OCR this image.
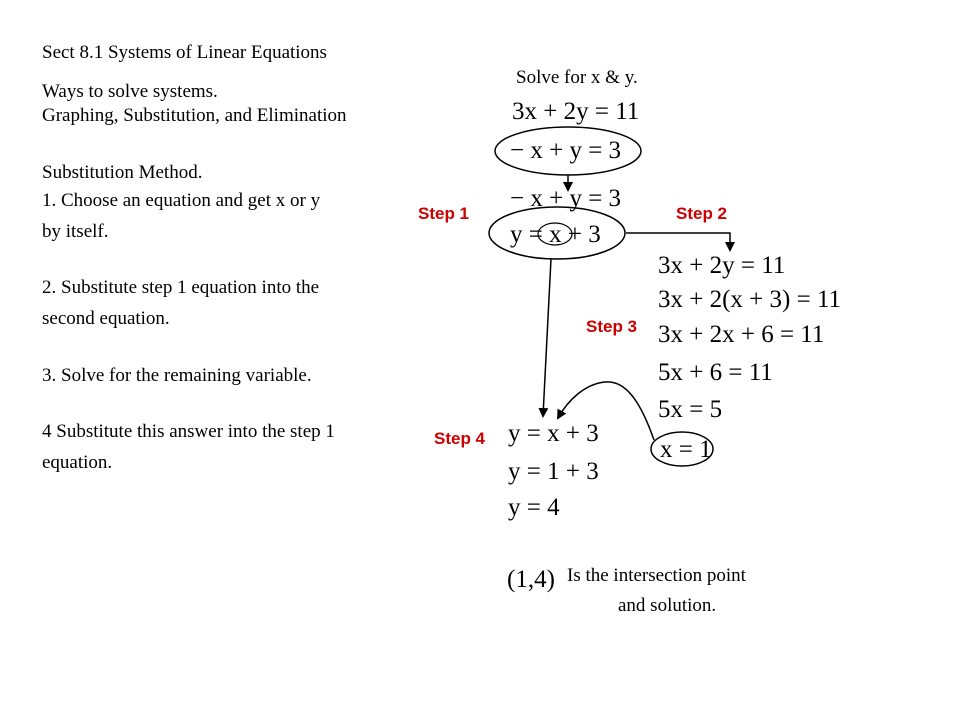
Sect 8.1 Systems of Linear Equations
Ways to solve systems.
Graphing, Substitution, and Elimination
Substitution Method.
1. Choose an equation and get x or y
by itself.
2. Substitute step 1 equation into the
second equation.
3. Solve for the remaining variable.
4 Substitute this answer into the step 1
equation.
Solve for x & y.
Step 1	Step 2
Step 3
Step 4
3x + 2y = 11
− x + y = 3
− x + y = 3
y = x + 3
3x + 2y = 11
3x + 2(x + 3) = 11
3x + 2x + 6 = 11
5x + 6 = 11
5x = 5
x = 1
y = x + 3
y = 1 + 3
y = 4
(1,4) Is the intersection point
and solution.
